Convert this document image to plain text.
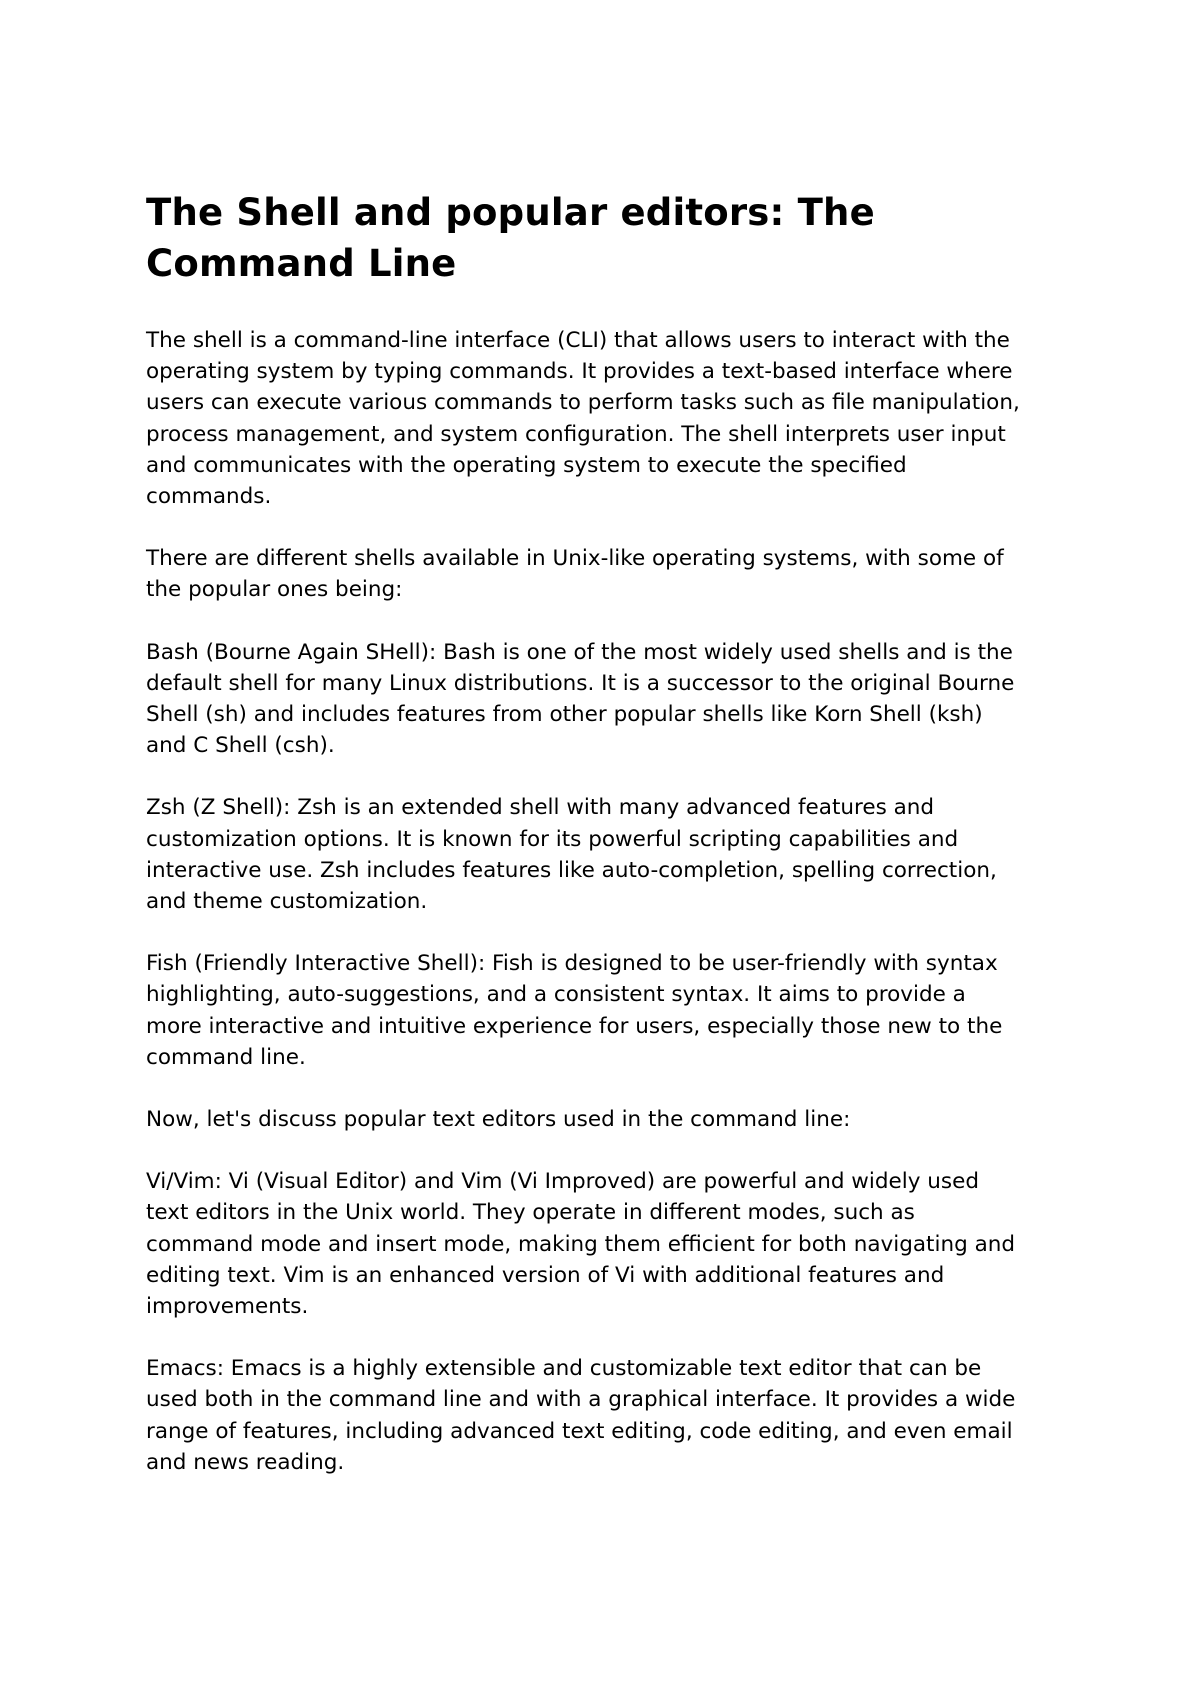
The Shell and popular editors: The
Command Line

The shell is a command-line interface (CLI) that allows users to interact with the
operating system by typing commands. It provides a text-based interface where
users can execute various commands to perform tasks such as file manipulation,
process management, and system configuration. The shell interprets user input
and communicates with the operating system to execute the specified
commands.

There are different shells available in Unix-like operating systems, with some of
the popular ones being:

Bash (Bourne Again SHell): Bash is one of the most widely used shells and is the
default shell for many Linux distributions. It is a successor to the original Bourne
Shell (sh) and includes features from other popular shells like Korn Shell (ksh)
and C Shell (csh).

Zsh (Z Shell): Zsh is an extended shell with many advanced features and
customization options. It is known for its powerful scripting capabilities and
interactive use. Zsh includes features like auto-completion, spelling correction,
and theme customization.

Fish (Friendly Interactive Shell): Fish is designed to be user-friendly with syntax
highlighting, auto-suggestions, and a consistent syntax. It aims to provide a
more interactive and intuitive experience for users, especially those new to the
command line.

Now, let's discuss popular text editors used in the command line:

Vi/Vim: Vi (Visual Editor) and Vim (Vi Improved) are powerful and widely used
text editors in the Unix world. They operate in different modes, such as
command mode and insert mode, making them efficient for both navigating and
editing text. Vim is an enhanced version of Vi with additional features and
improvements.

Emacs: Emacs is a highly extensible and customizable text editor that can be
used both in the command line and with a graphical interface. It provides a wide
range of features, including advanced text editing, code editing, and even email
and news reading.
